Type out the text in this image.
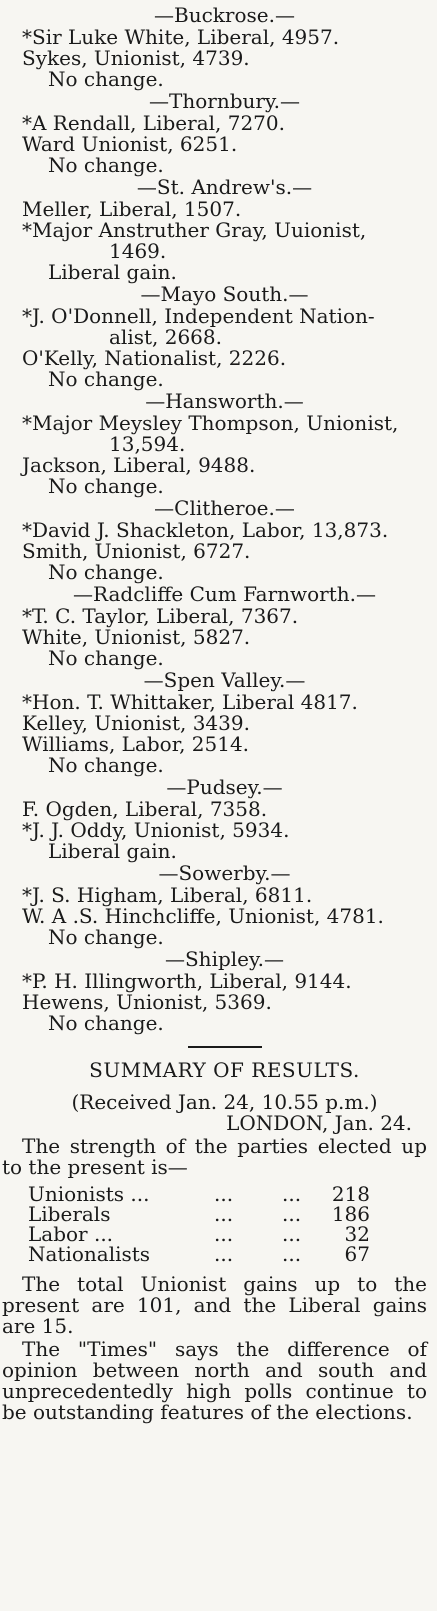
—Buckrose.—
*Sir Luke White, Liberal, 4957.
Sykes, Unionist, 4739.
No change.
—Thornbury.—
*A Rendall, Liberal, 7270.
Ward Unionist, 6251.
No change.
—St. Andrew's.—
Meller, Liberal, 1507.
*Major Anstruther Gray, Uuionist,
1469.
Liberal gain.
—Mayo South.—
*J. O'Donnell, Independent Nation-
alist, 2668.
O'Kelly, Nationalist, 2226.
No change.
—Hansworth.—
*Major Meysley Thompson, Unionist,
13,594.
Jackson, Liberal, 9488.
No change.
—Clitheroe.—
*David J. Shackleton, Labor, 13,873.
Smith, Unionist, 6727.
No change.
—Radcliffe Cum Farnworth.—
*T. C. Taylor, Liberal, 7367.
White, Unionist, 5827.
No change.
—Spen Valley.—
*Hon. T. Whittaker, Liberal 4817.
Kelley, Unionist, 3439.
Williams, Labor, 2514.
No change.
—Pudsey.—
F. Ogden, Liberal, 7358.
*J. J. Oddy, Unionist, 5934.
Liberal gain.
—Sowerby.—
*J. S. Higham, Liberal, 6811.
W. A .S. Hinchcliffe, Unionist, 4781.
No change.
—Shipley.—
*P. H. Illingworth, Liberal, 9144.
Hewens, Unionist, 5369.
No change.
SUMMARY OF RESULTS.
(Received Jan. 24, 10.55 p.m.)
LONDON, Jan. 24.
The strength of the parties elected up to the present is—
Unionists ...	...	...	218
Liberals	...	...	186
Labor ...	...	...	32
Nationalists	...	...	67
The total Unionist gains up to the present are 101, and the Liberal gains are 15.
The "Times" says the difference of opinion between north and south and unprecedentedly high polls continue to be outstanding features of the elections.
